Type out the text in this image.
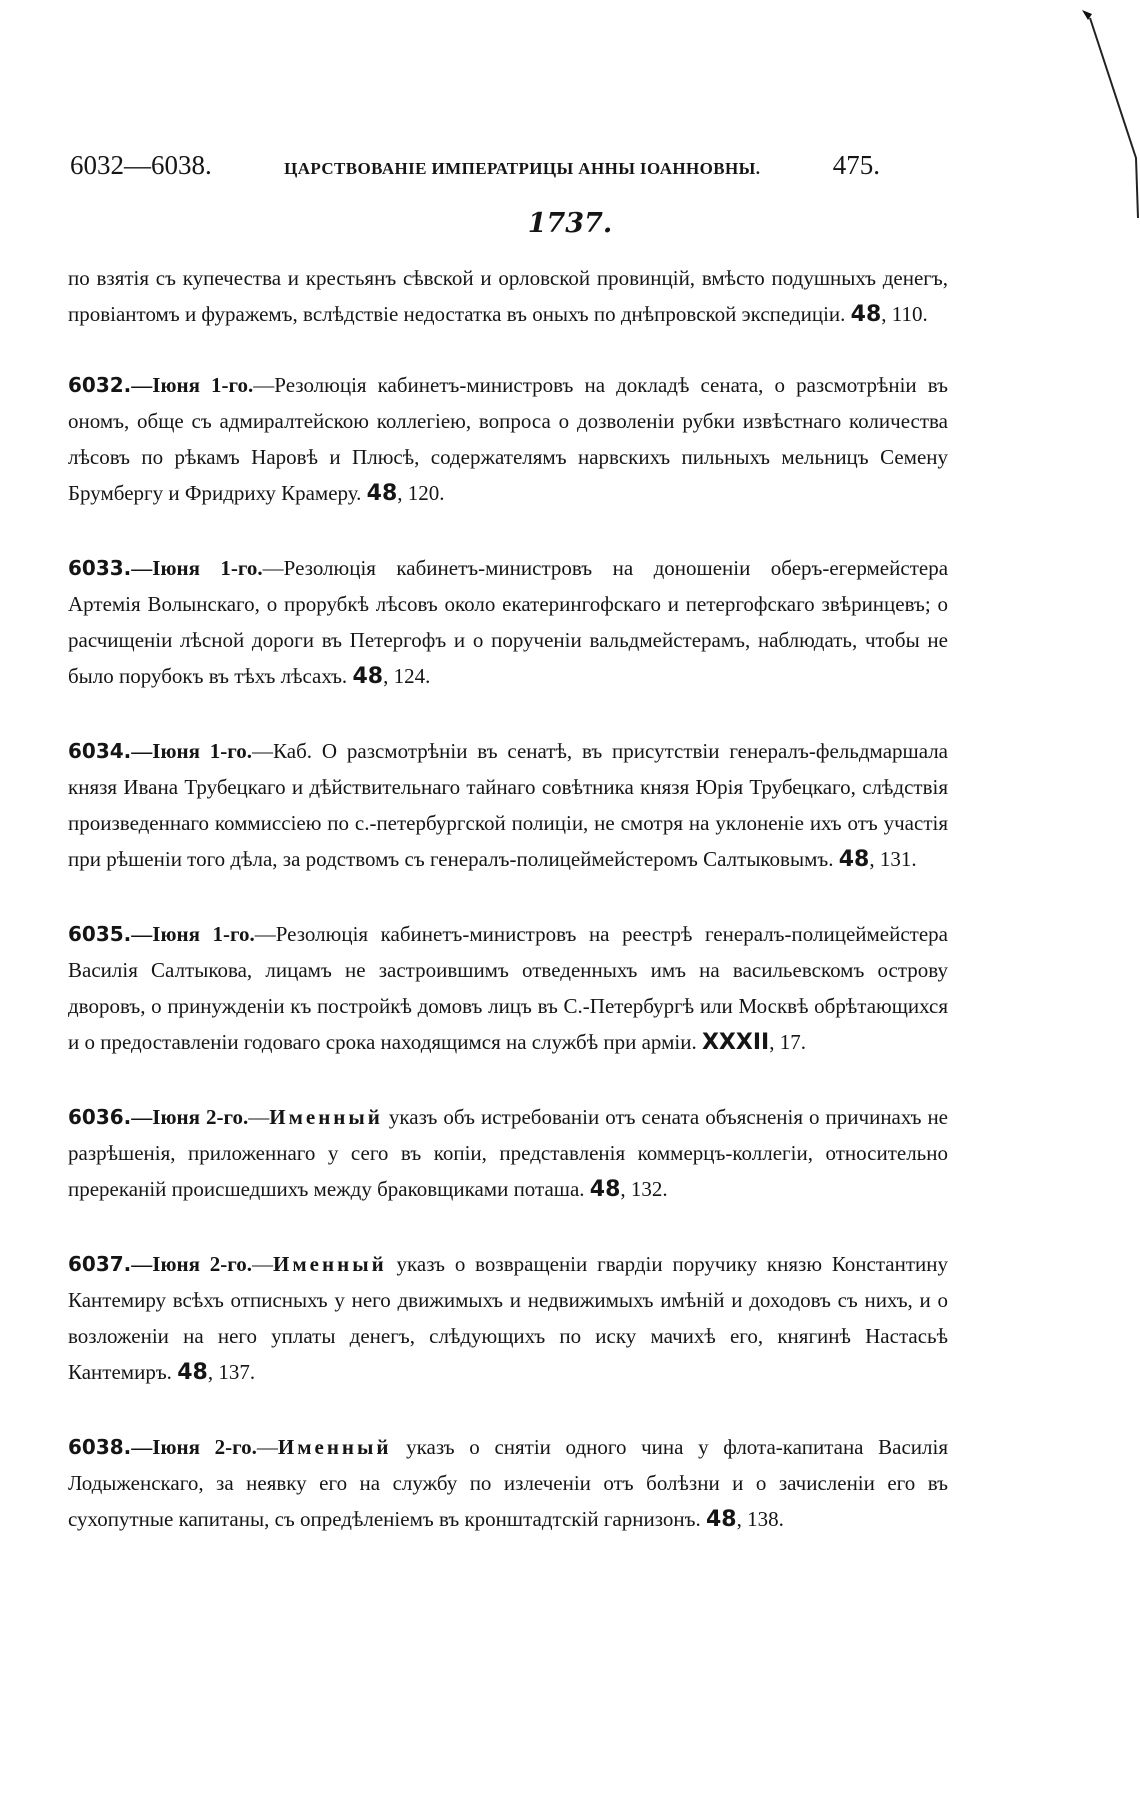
6032—6038.	ЦАРСТВОВАНІЕ ИМПЕРАТРИЦЫ АННЫ ІОАННОВНЫ.	475.
1737.

по взятія съ купечества и крестьянъ сѣвской и орловской провинцій, вмѣсто подушныхъ денегъ, провіантомъ и фуражемъ, вслѣдствіе недостатка въ оныхъ по днѣпровской экспедиціи. 48, 110.

6032.—Іюня 1-го.—Резолюція кабинетъ-министровъ на докладѣ сената, о разсмотрѣніи въ ономъ, обще съ адмиралтейскою коллегіею, вопроса о дозволеніи рубки извѣстнаго количества лѣсовъ по рѣкамъ Наровѣ и Плюсѣ, содержателямъ нарвскихъ пильныхъ мельницъ Семену Брумбергу и Фридриху Крамеру. 48, 120.

6033.—Іюня 1-го.—Резолюція кабинетъ-министровъ на доношеніи оберъ-егермейстера Артемія Волынскаго, о прорубкѣ лѣсовъ около екатерингофскаго и петергофскаго звѣринцевъ; о расчищеніи лѣсной дороги въ Петергофъ и о порученіи вальдмейстерамъ, наблюдать, чтобы не было порубокъ въ тѣхъ лѣсахъ. 48, 124.

6034.—Іюня 1-го.—Каб. О разсмотрѣніи въ сенатѣ, въ присутствіи генералъ-фельдмаршала князя Ивана Трубецкаго и дѣйствительнаго тайнаго совѣтника князя Юрія Трубецкаго, слѣдствія произведеннаго коммиссіею по с.-петербургской полиціи, не смотря на уклоненіе ихъ отъ участія при рѣшеніи того дѣла, за родствомъ съ генералъ-полицеймейстеромъ Салтыковымъ. 48, 131.

6035.—Іюня 1-го.—Резолюція кабинетъ-министровъ на реестрѣ генералъ-полицеймейстера Василія Салтыкова, лицамъ не застроившимъ отведенныхъ имъ на васильевскомъ острову дворовъ, о принужденіи къ постройкѣ домовъ лицъ въ С.-Петербургѣ или Москвѣ обрѣтающихся и о предоставленіи годоваго срока находящимся на службѣ при арміи. XXXII, 17.

6036.—Іюня 2-го.—Именный указъ объ истребованіи отъ сената объясненія о причинахъ не разрѣшенія, приложеннаго у сего въ копіи, представленія коммерцъ-коллегіи, относительно пререканій происшедшихъ между браковщиками поташа. 48, 132.

6037.—Іюня 2-го.—Именный указъ о возвращеніи гвардіи поручику князю Константину Кантемиру всѣхъ отписныхъ у него движимыхъ и недвижимыхъ имѣній и доходовъ съ нихъ, и о возложеніи на него уплаты денегъ, слѣдующихъ по иску мачихѣ его, княгинѣ Настасьѣ Кантемиръ. 48, 137.

6038.—Іюня 2-го.—Именный указъ о снятіи одного чина у флота-капитана Василія Лодыженскаго, за неявку его на службу по излеченіи отъ болѣзни и о зачисленіи его въ сухопутные капитаны, съ опредѣленіемъ въ кронштадтскій гарнизонъ. 48, 138.
